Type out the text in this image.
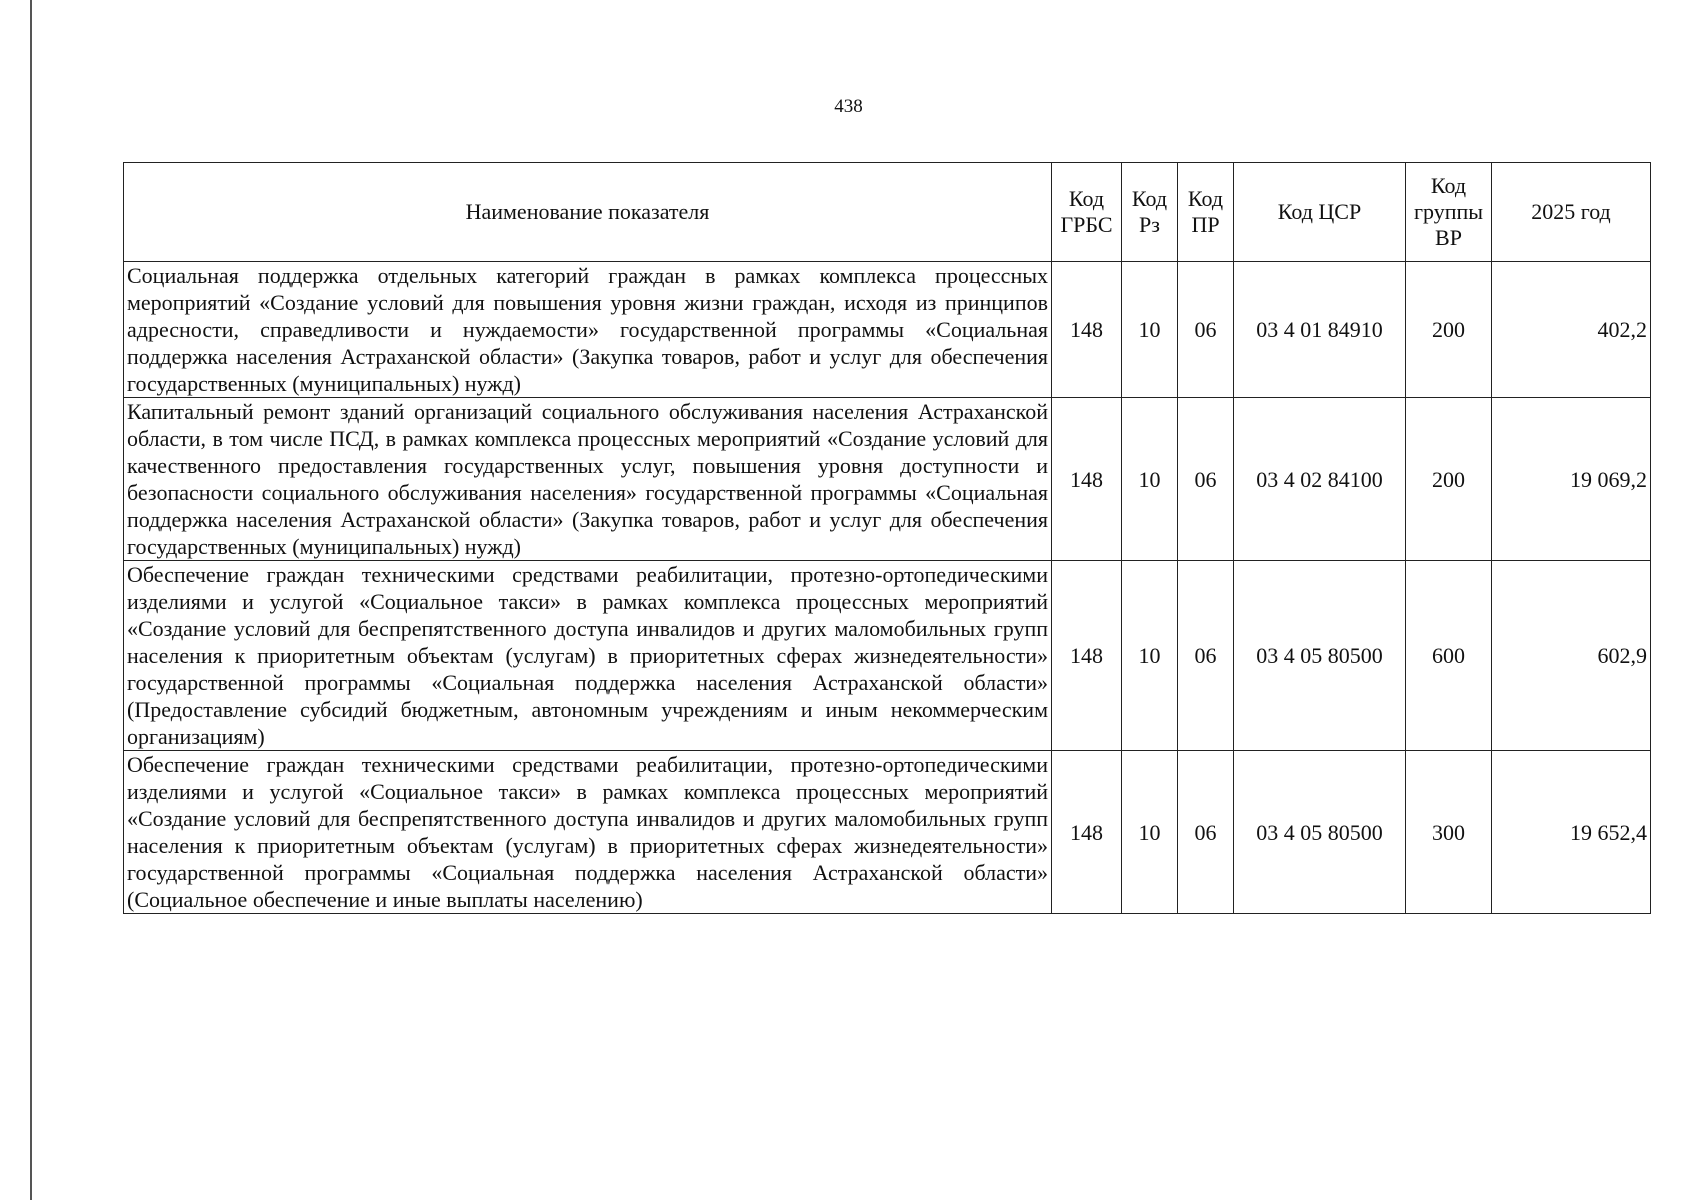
438
Наименование показателя	Код ГРБС	Код Рз	Код ПР	Код ЦСР	Код группы ВР	2025 год
Социальная поддержка отдельных категорий граждан в рамках комплекса процессных мероприятий «Создание условий для повышения уровня жизни граждан, исходя из принципов адресности, справедливости и нуждаемости» государственной программы «Социальная поддержка населения Астраханской области» (Закупка товаров, работ и услуг для обеспечения государственных (муниципальных) нужд)	148	10	06	03 4 01 84910	200	402,2
Капитальный ремонт зданий организаций социального обслуживания населения Астраханской области, в том числе ПСД, в рамках комплекса процессных мероприятий «Создание условий для качественного предоставления государственных услуг, повышения уровня доступности и безопасности социального обслуживания населения» государственной программы «Социальная поддержка населения Астраханской области» (Закупка товаров, работ и услуг для обеспечения государственных (муниципальных) нужд)	148	10	06	03 4 02 84100	200	19 069,2
Обеспечение граждан техническими средствами реабилитации, протезно-ортопедическими изделиями и услугой «Социальное такси» в рамках комплекса процессных мероприятий «Создание условий для беспрепятственного доступа инвалидов и других маломобильных групп населения к приоритетным объектам (услугам) в приоритетных сферах жизнедеятельности» государственной программы «Социальная поддержка населения Астраханской области» (Предоставление субсидий бюджетным, автономным учреждениям и иным некоммерческим организациям)	148	10	06	03 4 05 80500	600	602,9
Обеспечение граждан техническими средствами реабилитации, протезно-ортопедическими изделиями и услугой «Социальное такси» в рамках комплекса процессных мероприятий «Создание условий для беспрепятственного доступа инвалидов и других маломобильных групп населения к приоритетным объектам (услугам) в приоритетных сферах жизнедеятельности» государственной программы «Социальная поддержка населения Астраханской области» (Социальное обеспечение и иные выплаты населению)	148	10	06	03 4 05 80500	300	19 652,4
